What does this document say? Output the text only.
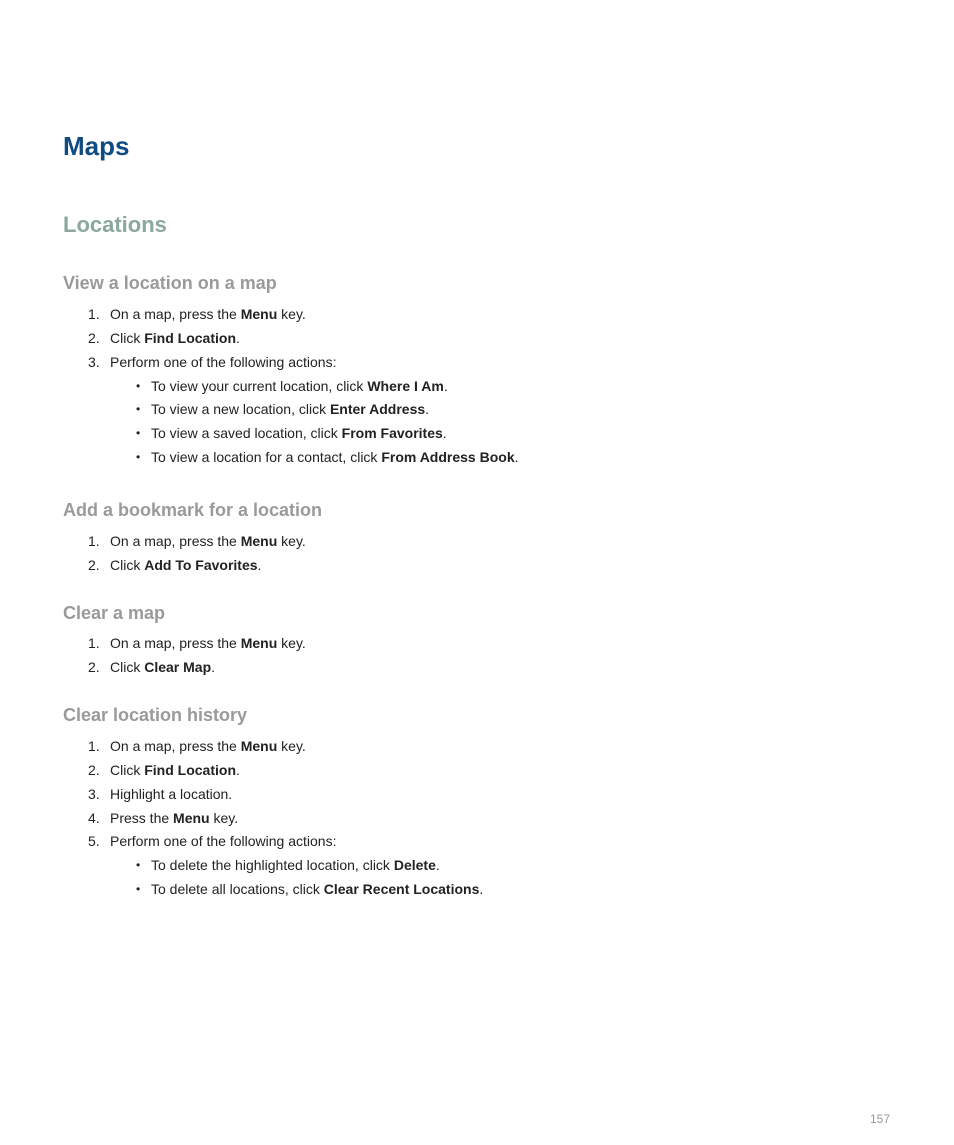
Maps
Locations
View a location on a map
1. On a map, press the Menu key.
2. Click Find Location.
3. Perform one of the following actions:
• To view your current location, click Where I Am.
• To view a new location, click Enter Address.
• To view a saved location, click From Favorites.
• To view a location for a contact, click From Address Book.
Add a bookmark for a location
1. On a map, press the Menu key.
2. Click Add To Favorites.
Clear a map
1. On a map, press the Menu key.
2. Click Clear Map.
Clear location history
1. On a map, press the Menu key.
2. Click Find Location.
3. Highlight a location.
4. Press the Menu key.
5. Perform one of the following actions:
• To delete the highlighted location, click Delete.
• To delete all locations, click Clear Recent Locations.
157
